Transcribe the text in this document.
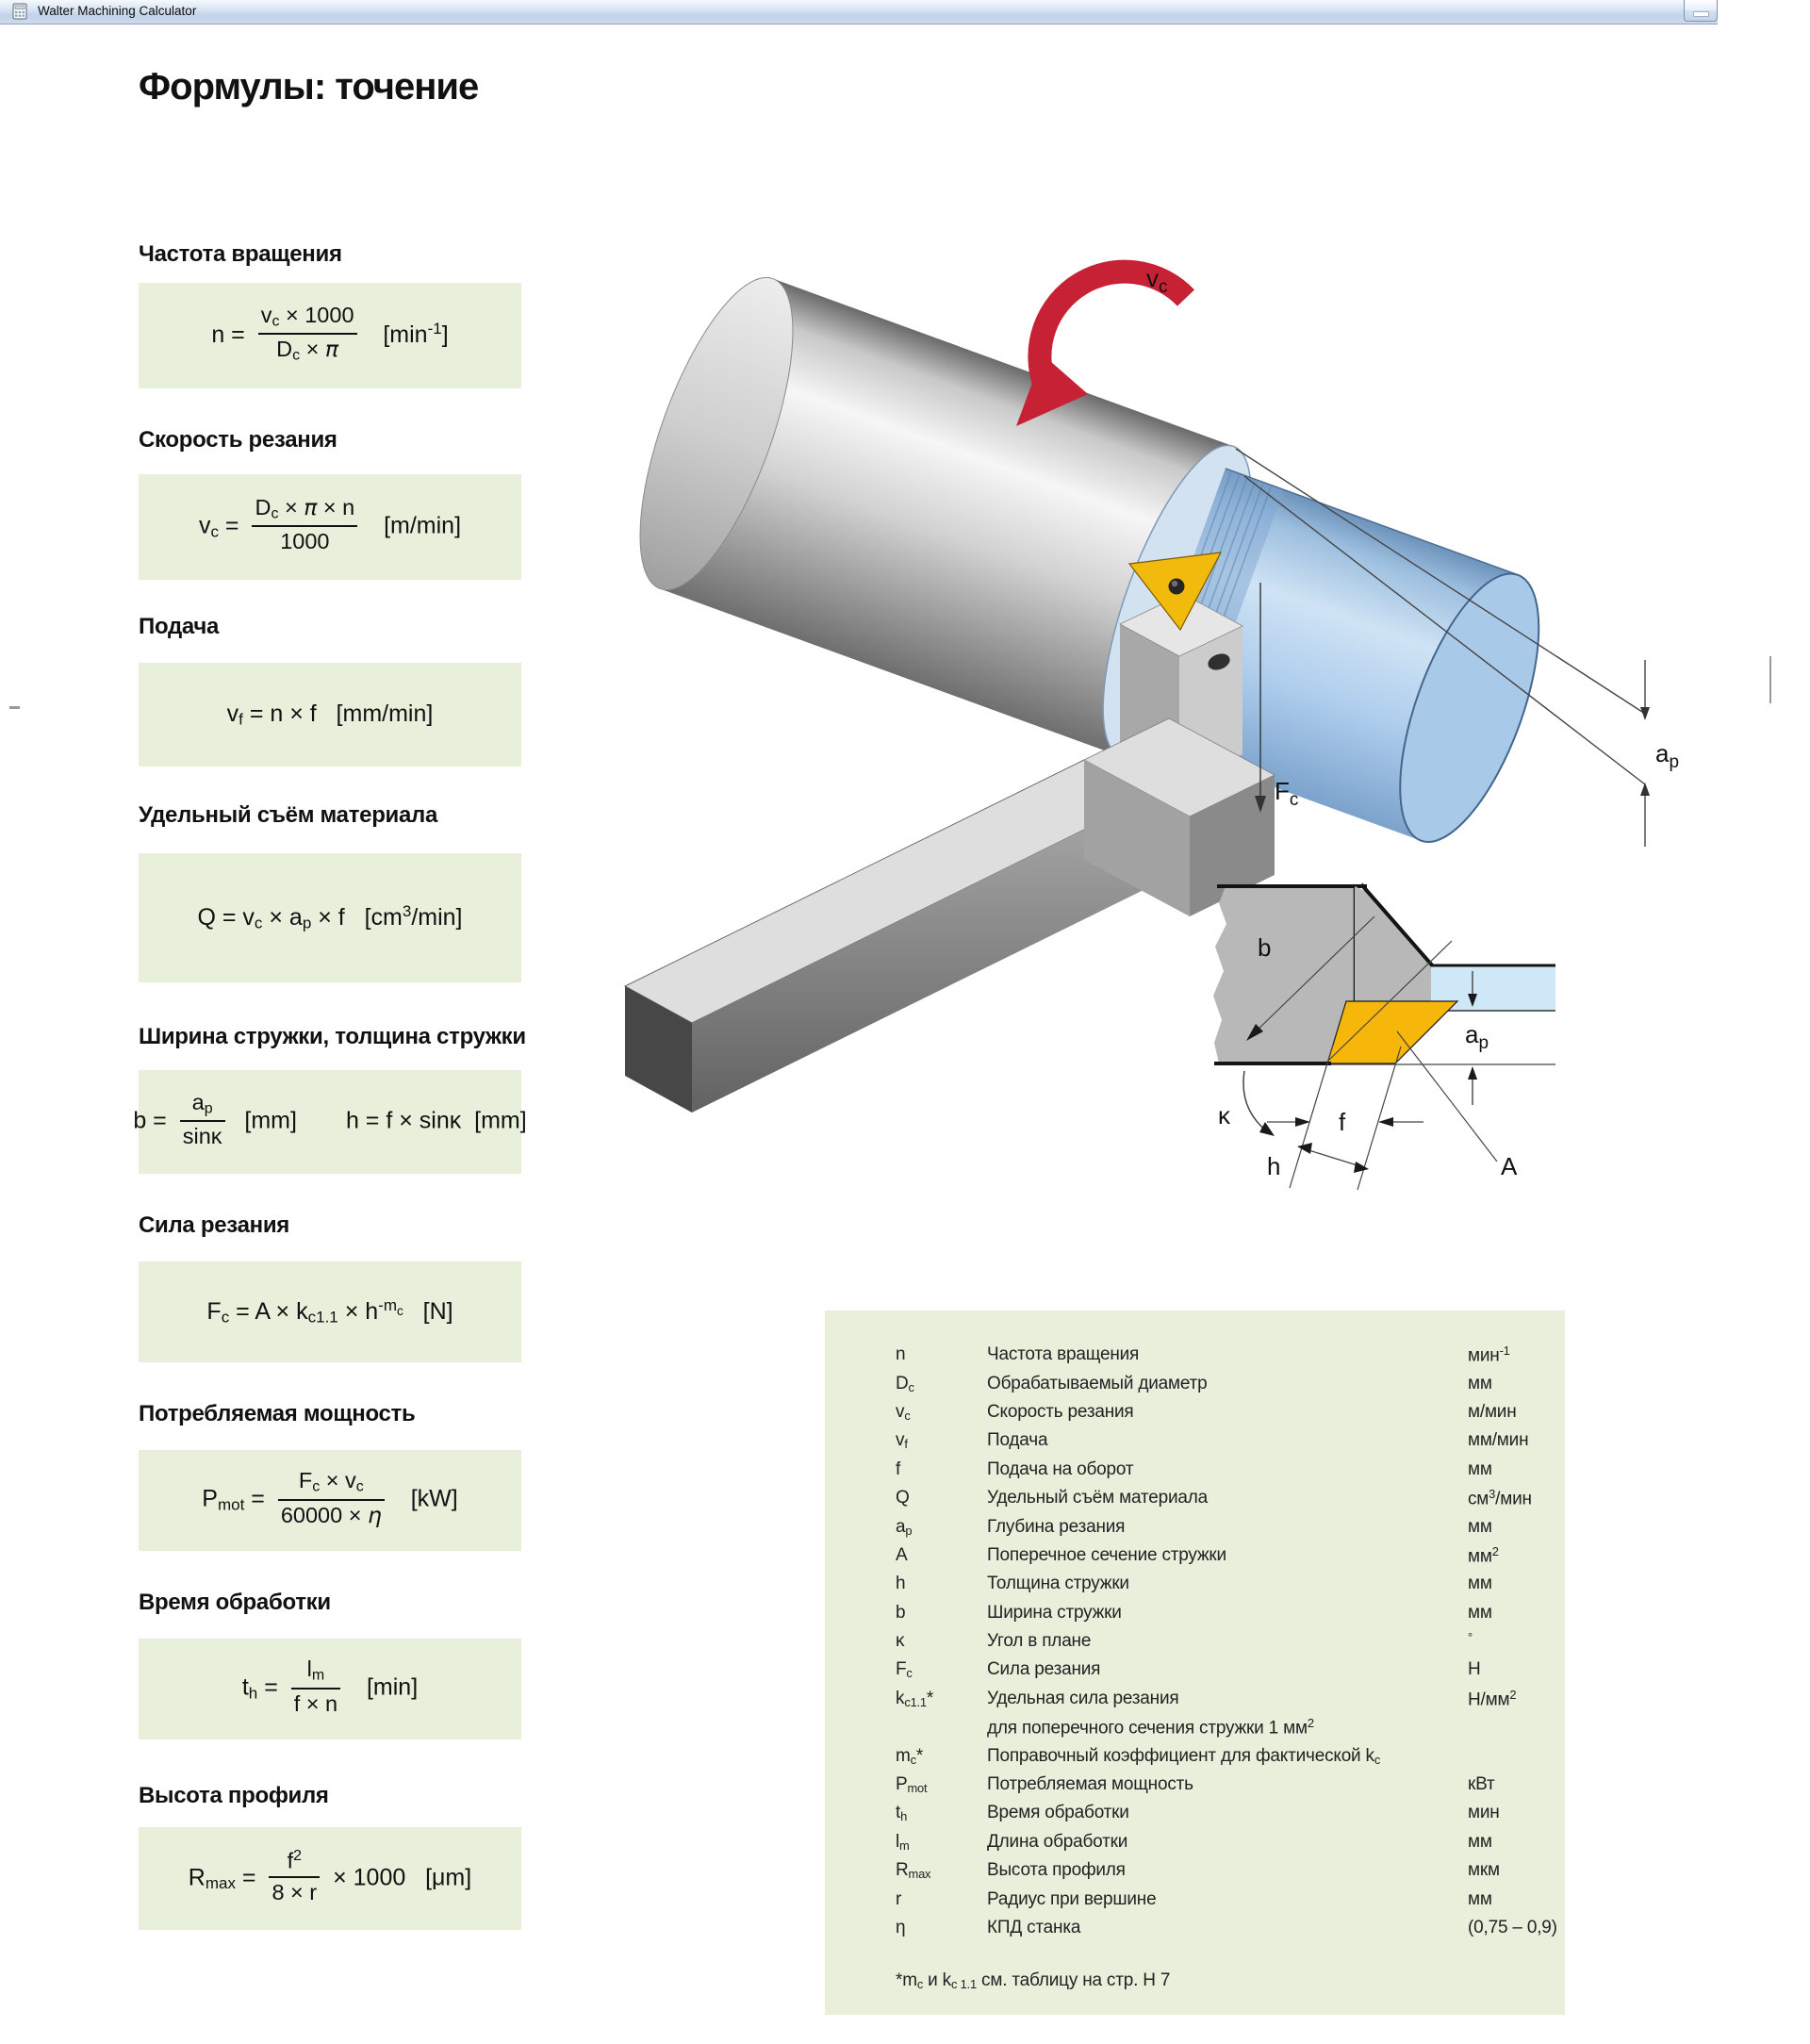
Walter Machining Calculator
Формулы: точение
Частота вращения
$n = \frac{vc \times 1000}{Dc \times \pi} [\min^{-1}]$
Скорость резания
vc = $\frac{Dc \times \pi \times n}{1000} [m/\min]$
Подача
vf = n × f   [mm/min]
Удельный съём материала
Q = vc × ap × f   $[cm^3/\min]$
Ширина стружки, толщина стружки
$b = \frac{ap}{\sin\kappa} [mm] h = f \times \sin\kappa$  [mm]
Сила резания
$Fc = A \times kc1.1 \times h^{-m_c}$   [N]
Потребляемая мощность
Pmot = $\frac{Fc \times vc}{60000 \times \eta} [kW]$
Время обработки
th = $\frac{lm}{f \times n} [\min]$
Высота профиля
$Rmax = \frac{f^2}{8 \times r} \times 1000$   [μm]
$a_p$
$v_c$
$F_c$
b
κ
h
f
A
$a_p$
n	Частота вращения	мин$^{-1}$
Dc	Обрабатываемый диаметр	мм
vc	Скорость резания	м/мин
vf	Подача	мм/мин
f	Подача на оборот	мм
Q	Удельный съём материала	$см^3$/мин
ap	Глубина резания	мм
A	Поперечное сечение стружки	$мм^2$
h	Толщина стружки	мм
b	Ширина стружки	мм
κ	Угол в плане	°
Fc	Сила резания	Н
kc1.1*	Удельная сила резания	$Н/мм^2$
для поперечного сечения стружки 1 $мм^2$
mc*	Поправочный коэффициент для фактической kc
Pmot	Потребляемая мощность	кВт
th	Время обработки	мин
lm	Длина обработки	мм
Rmax	Высота профиля	мкм
r	Радиус при вершине	мм
η	КПД станка	(0,75 – 0,9)
*mc и kc 1.1 см. таблицу на стр. H 7
